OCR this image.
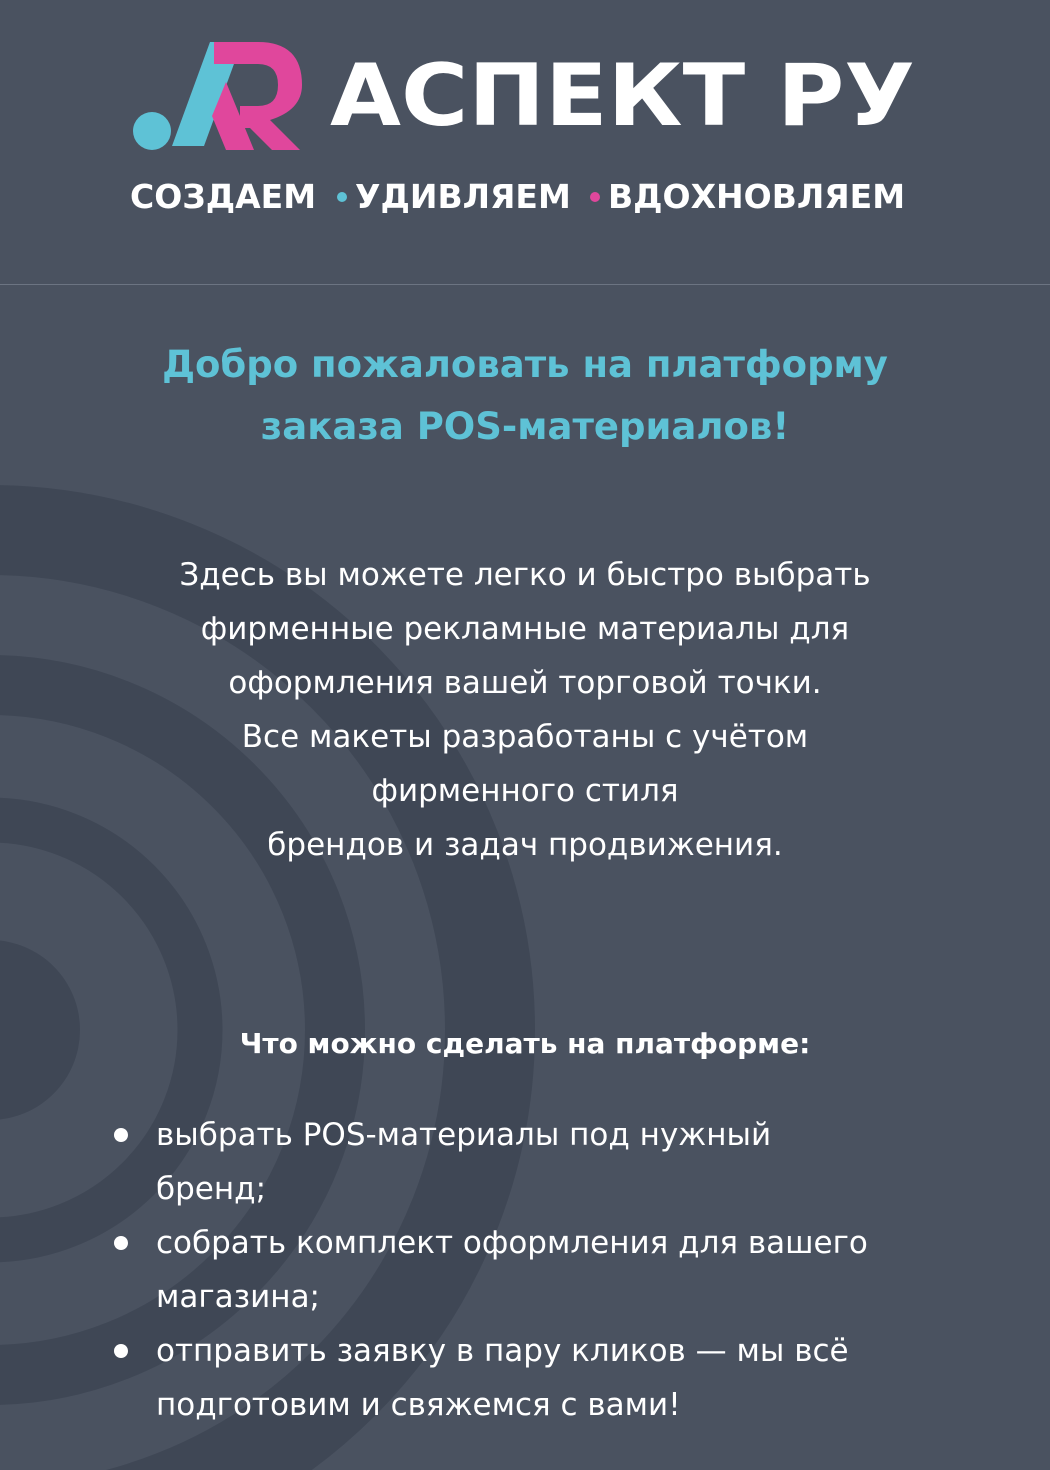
АСПЕКТ РУ
СОЗДАЕМ УДИВЛЯЕМ ВДОХНОВЛЯЕМ
Добро пожаловать на платформу
заказа POS-материалов!

Здесь вы можете легко и быстро выбрать

фирменные рекламные материалы для

оформления вашей торговой точки.

Все макеты разработаны с учётом

фирменного стиля

брендов и задач продвижения.

Что можно сделать на платформе:
выбрать POS-материалы под нужный
бренд;
собрать комплект оформления для вашего
магазина;
отправить заявку в пару кликов — мы всё
подготовим и свяжемся с вами!
